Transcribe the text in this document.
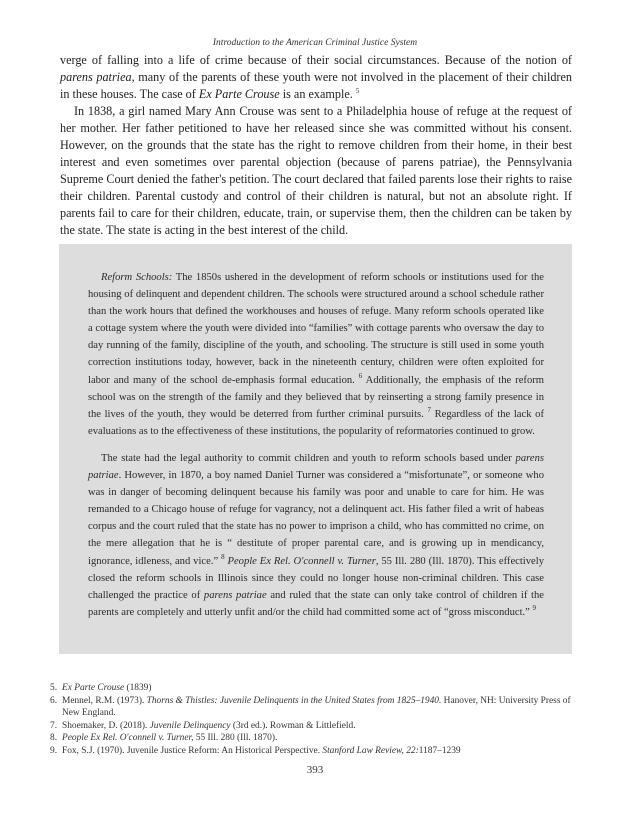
Introduction to the American Criminal Justice System

verge of falling into a life of crime because of their social circumstances. Because of the notion of parens patriea, many of the parents of these youth were not involved in the placement of their children in these houses. The case of Ex Parte Crouse is an example. $^5$

In 1838, a girl named Mary Ann Crouse was sent to a Philadelphia house of refuge at the request of her mother. Her father petitioned to have her released since she was committed without his consent. However, on the grounds that the state has the right to remove children from their home, in their best interest and even sometimes over parental objection (because of parens patriae), the Pennsylvania Supreme Court denied the father's petition. The court declared that failed parents lose their rights to raise their children. Parental custody and control of their children is natural, but not an absolute right. If parents fail to care for their children, educate, train, or supervise them, then the children can be taken by the state. The state is acting in the best interest of the child.

Reform Schools: The 1850s ushered in the development of reform schools or institutions used for the housing of delinquent and dependent children. The schools were structured around a school schedule rather than the work hours that defined the workhouses and houses of refuge. Many reform schools operated like a cottage system where the youth were divided into “families” with cottage parents who oversaw the day to day running of the family, discipline of the youth, and schooling. The structure is still used in some youth correction institutions today, however, back in the nineteenth century, children were often exploited for labor and many of the school de-emphasis formal education. $^6$ Additionally, the emphasis of the reform school was on the strength of the family and they believed that by reinserting a strong family presence in the lives of the youth, they would be deterred from further criminal pursuits. $^7$ Regardless of the lack of evaluations as to the effectiveness of these institutions, the popularity of reformatories continued to grow.

The state had the legal authority to commit children and youth to reform schools based under parens patriae. However, in 1870, a boy named Daniel Turner was considered a “misfortunate”, or someone who was in danger of becoming delinquent because his family was poor and unable to care for him. He was remanded to a Chicago house of refuge for vagrancy, not a delinquent act. His father filed a writ of habeas corpus and the court ruled that the state has no power to imprison a child, who has committed no crime, on the mere allegation that he is “ destitute of proper parental care, and is growing up in mendicancy, ignorance, idleness, and vice.” $^8$ People Ex Rel. O'connell v. Turner, 55 Ill. 280 (Ill. 1870). This effectively closed the reform schools in Illinois since they could no longer house non-criminal children. This case challenged the practice of parens patriae and ruled that the state can only take control of children if the parents are completely and utterly unfit and/or the child had committed some act of “gross misconduct.” $^9$

5. Ex Parte Crouse (1839)
6. Mennel, R.M. (1973). Thorns & Thistles: Juvenile Delinquents in the United States from 1825–1940. Hanover, NH: University Press of New England.
7. Shoemaker, D. (2018). Juvenile Delinquency (3rd ed.). Rowman & Littlefield.
8. People Ex Rel. O'connell v. Turner, 55 Ill. 280 (Ill. 1870).
9. Fox, S.J. (1970). Juvenile Justice Reform: An Historical Perspective. Stanford Law Review, 22:1187–1239
393
